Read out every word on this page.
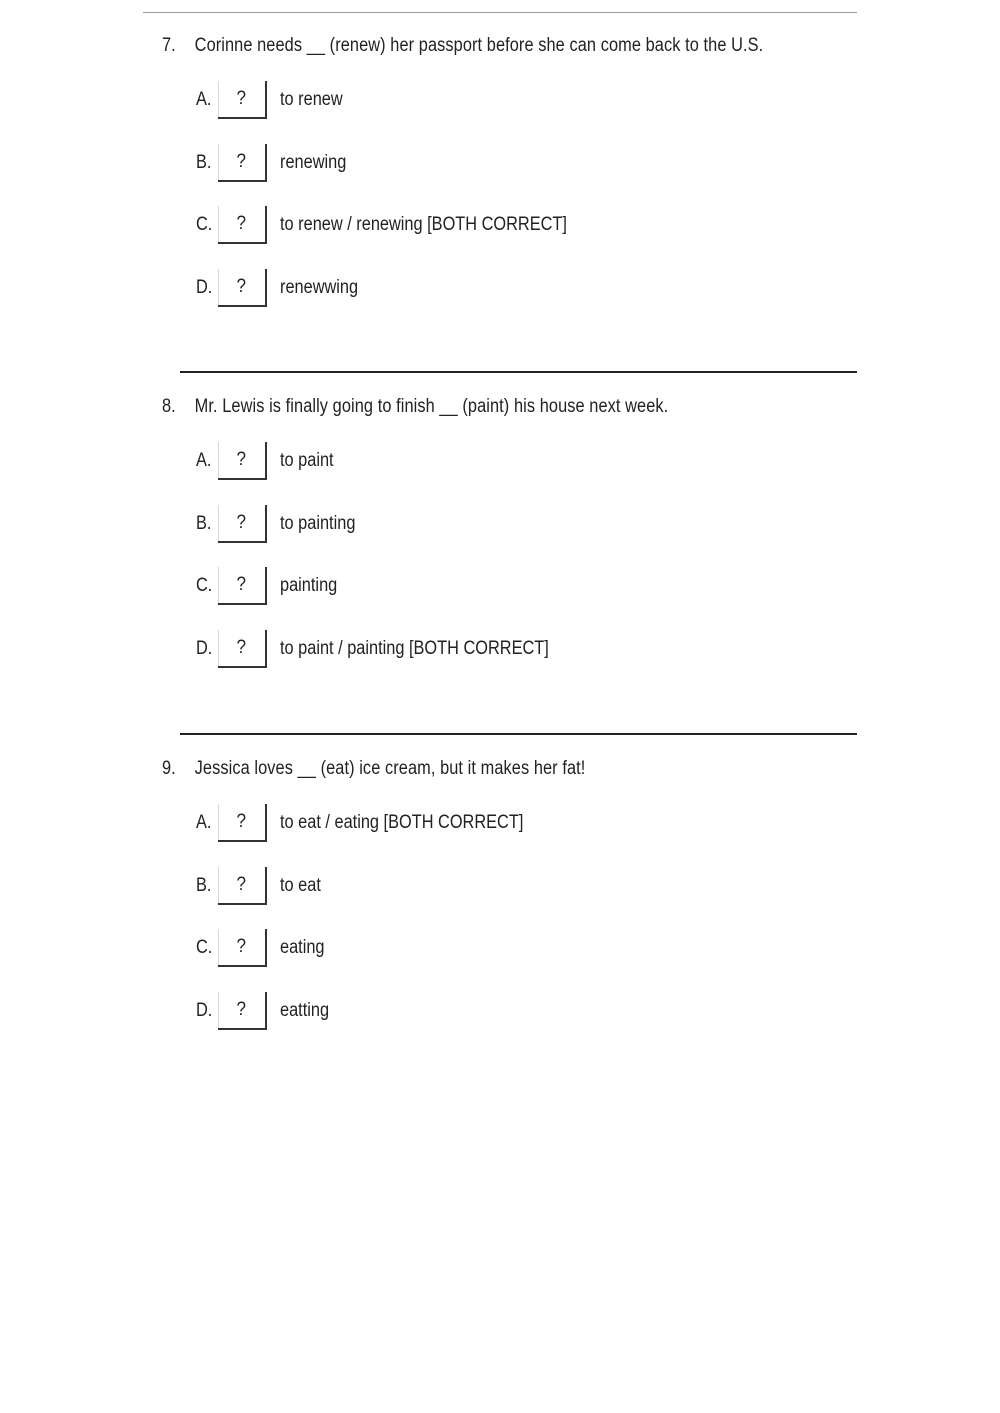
7. Corinne needs __ (renew) her passport before she can come back to the U.S.
A.	?	to renew
B.	?	renewing
C.	?	to renew / renewing [BOTH CORRECT]
D.	?	renewwing
8. Mr. Lewis is finally going to finish __ (paint) his house next week.
A.	?	to paint
B.	?	to painting
C.	?	painting
D.	?	to paint / painting [BOTH CORRECT]
9. Jessica loves __ (eat) ice cream, but it makes her fat!
A.	?	to eat / eating [BOTH CORRECT]
B.	?	to eat
C.	?	eating
D.	?	eatting
